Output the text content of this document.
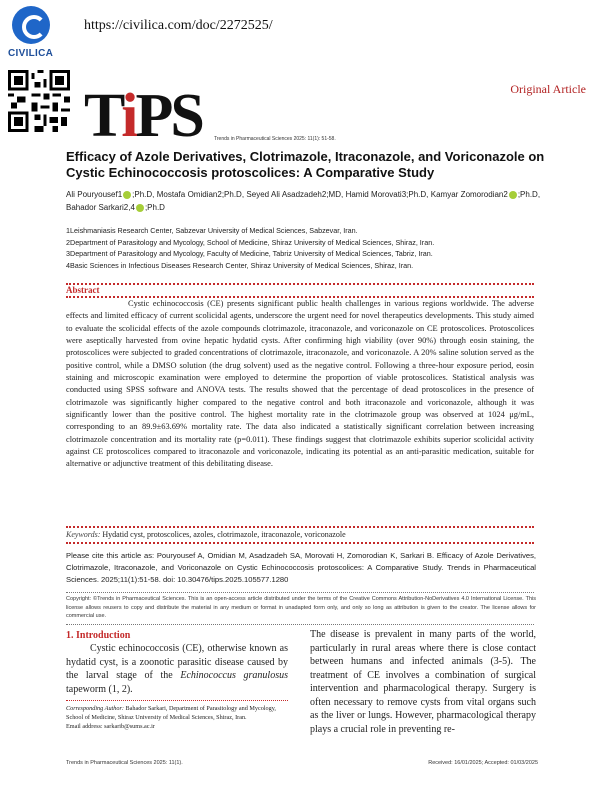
CIVILICA
https://civilica.com/doc/2272525/
Original Article
TiPS Trends in Pharmaceutical Sciences 2025: 11(1): 51-58.
Efficacy of Azole Derivatives, Clotrimazole, Itraconazole, and Voriconazole on Cystic Echinococcosis protoscolices: A Comparative Study
Ali Pouryousef1 ;Ph.D, Mostafa Omidian2;Ph.D, Seyed Ali Asadzadeh2;MD, Hamid Morovati3;Ph.D, Kamyar Zomorodian2 ;Ph.D, Bahador Sarkari2,4 ;Ph.D
1Leishmaniasis Research Center, Sabzevar University of Medical Sciences, Sabzevar, Iran.
2Department of Parasitology and Mycology, School of Medicine, Shiraz University of Medical Sciences, Shiraz, Iran.
3Department of Parasitology and Mycology, Faculty of Medicine, Tabriz University of Medical Sciences, Tabriz, Iran.
4Basic Sciences in Infectious Diseases Research Center, Shiraz University of Medical Sciences, Shiraz, Iran.
Abstract
Cystic echinococcosis (CE) presents significant public health challenges in various regions worldwide. The adverse effects and limited efficacy of current scolicidal agents, underscore the urgent need for novel therapeutics developments. This study aimed to evaluate the scolicidal effects of the azole compounds clotrimazole, itraconazole, and voriconazole on CE protoscolices. Protoscolices were aseptically harvested from ovine hepatic hydatid cysts. After confirming high viability (over 90%) through eosin staining, the protoscolices were subjected to graded concentrations of clotrimazole, itraconazole, and voriconazole. A 20% saline solution served as the positive control, while a DMSO solution (the drug solvent) used as the negative control. Following a three-hour exposure period, eosin staining and microscopic examination were employed to determine the proportion of viable protoscolices. Statistical analysis was conducted using SPSS software and ANOVA tests. The results showed that the percentage of dead protoscolices in the presence of clotrimazole was significantly higher compared to the negative control and both itraconazole and voriconazole, although it was significantly lower than the positive control. The highest mortality rate in the clotrimazole group was observed at 1024 μg/mL, corresponding to an 89.9±63.69% mortality rate. The data also indicated a statistically significant correlation between increasing clotrimazole concentration and its mortality rate (p=0.011). These findings suggest that clotrimazole exhibits superior scolicidal activity against CE protoscolices compared to itraconazole and voriconazole, indicating its potential as an anti-parasitic medication, suitable for alternative or adjunctive treatment of this debilitating disease.
Keywords: Hydatid cyst, protoscolices, azoles, clotrimazole, itraconazole, voriconazole
Please cite this article as: Pouryousef A, Omidian M, Asadzadeh SA, Morovati H, Zomorodian K, Sarkari B. Efficacy of Azole Derivatives, Clotrimazole, Itraconazole, and Voriconazole on Cystic Echinococcosis protoscolices: A Comparative Study. Trends in Pharmaceutical Sciences. 2025;11(1):51-58. doi: 10.30476/tips.2025.105577.1280
Copyright: ©Trends in Pharmaceutical Sciences. This is an open-access article distributed under the terms of the Creative Commons Attribution-NoDerivatives 4.0 International License. This license allows reusers to copy and distribute the material in any medium or format in unadapted form only, and only so long as attribution is given to the creator. The license allows for commercial use.
1. Introduction
Cystic echinococcosis (CE), otherwise known as hydatid cyst, is a zoonotic parasitic disease caused by the larval stage of the Echinococcus granulosus tapeworm (1, 2).
Corresponding Author: Bahador Sarkari, Department of Parasitology and Mycology, School of Medicine, Shiraz University of Medical Sciences, Shiraz, Iran.
Email address: sarkarib@sums.ac.ir
The disease is prevalent in many parts of the world, particularly in rural areas where there is close contact between humans and infected animals (3-5). The treatment of CE involves a combination of surgical intervention and pharmacological therapy. Surgery is often necessary to remove cysts from vital organs such as the liver or lungs. However, pharmacological therapy plays a crucial role in preventing re-
Trends in Pharmaceutical Sciences 2025: 11(1).	Received: 16/01/2025; Accepted: 01/03/2025
